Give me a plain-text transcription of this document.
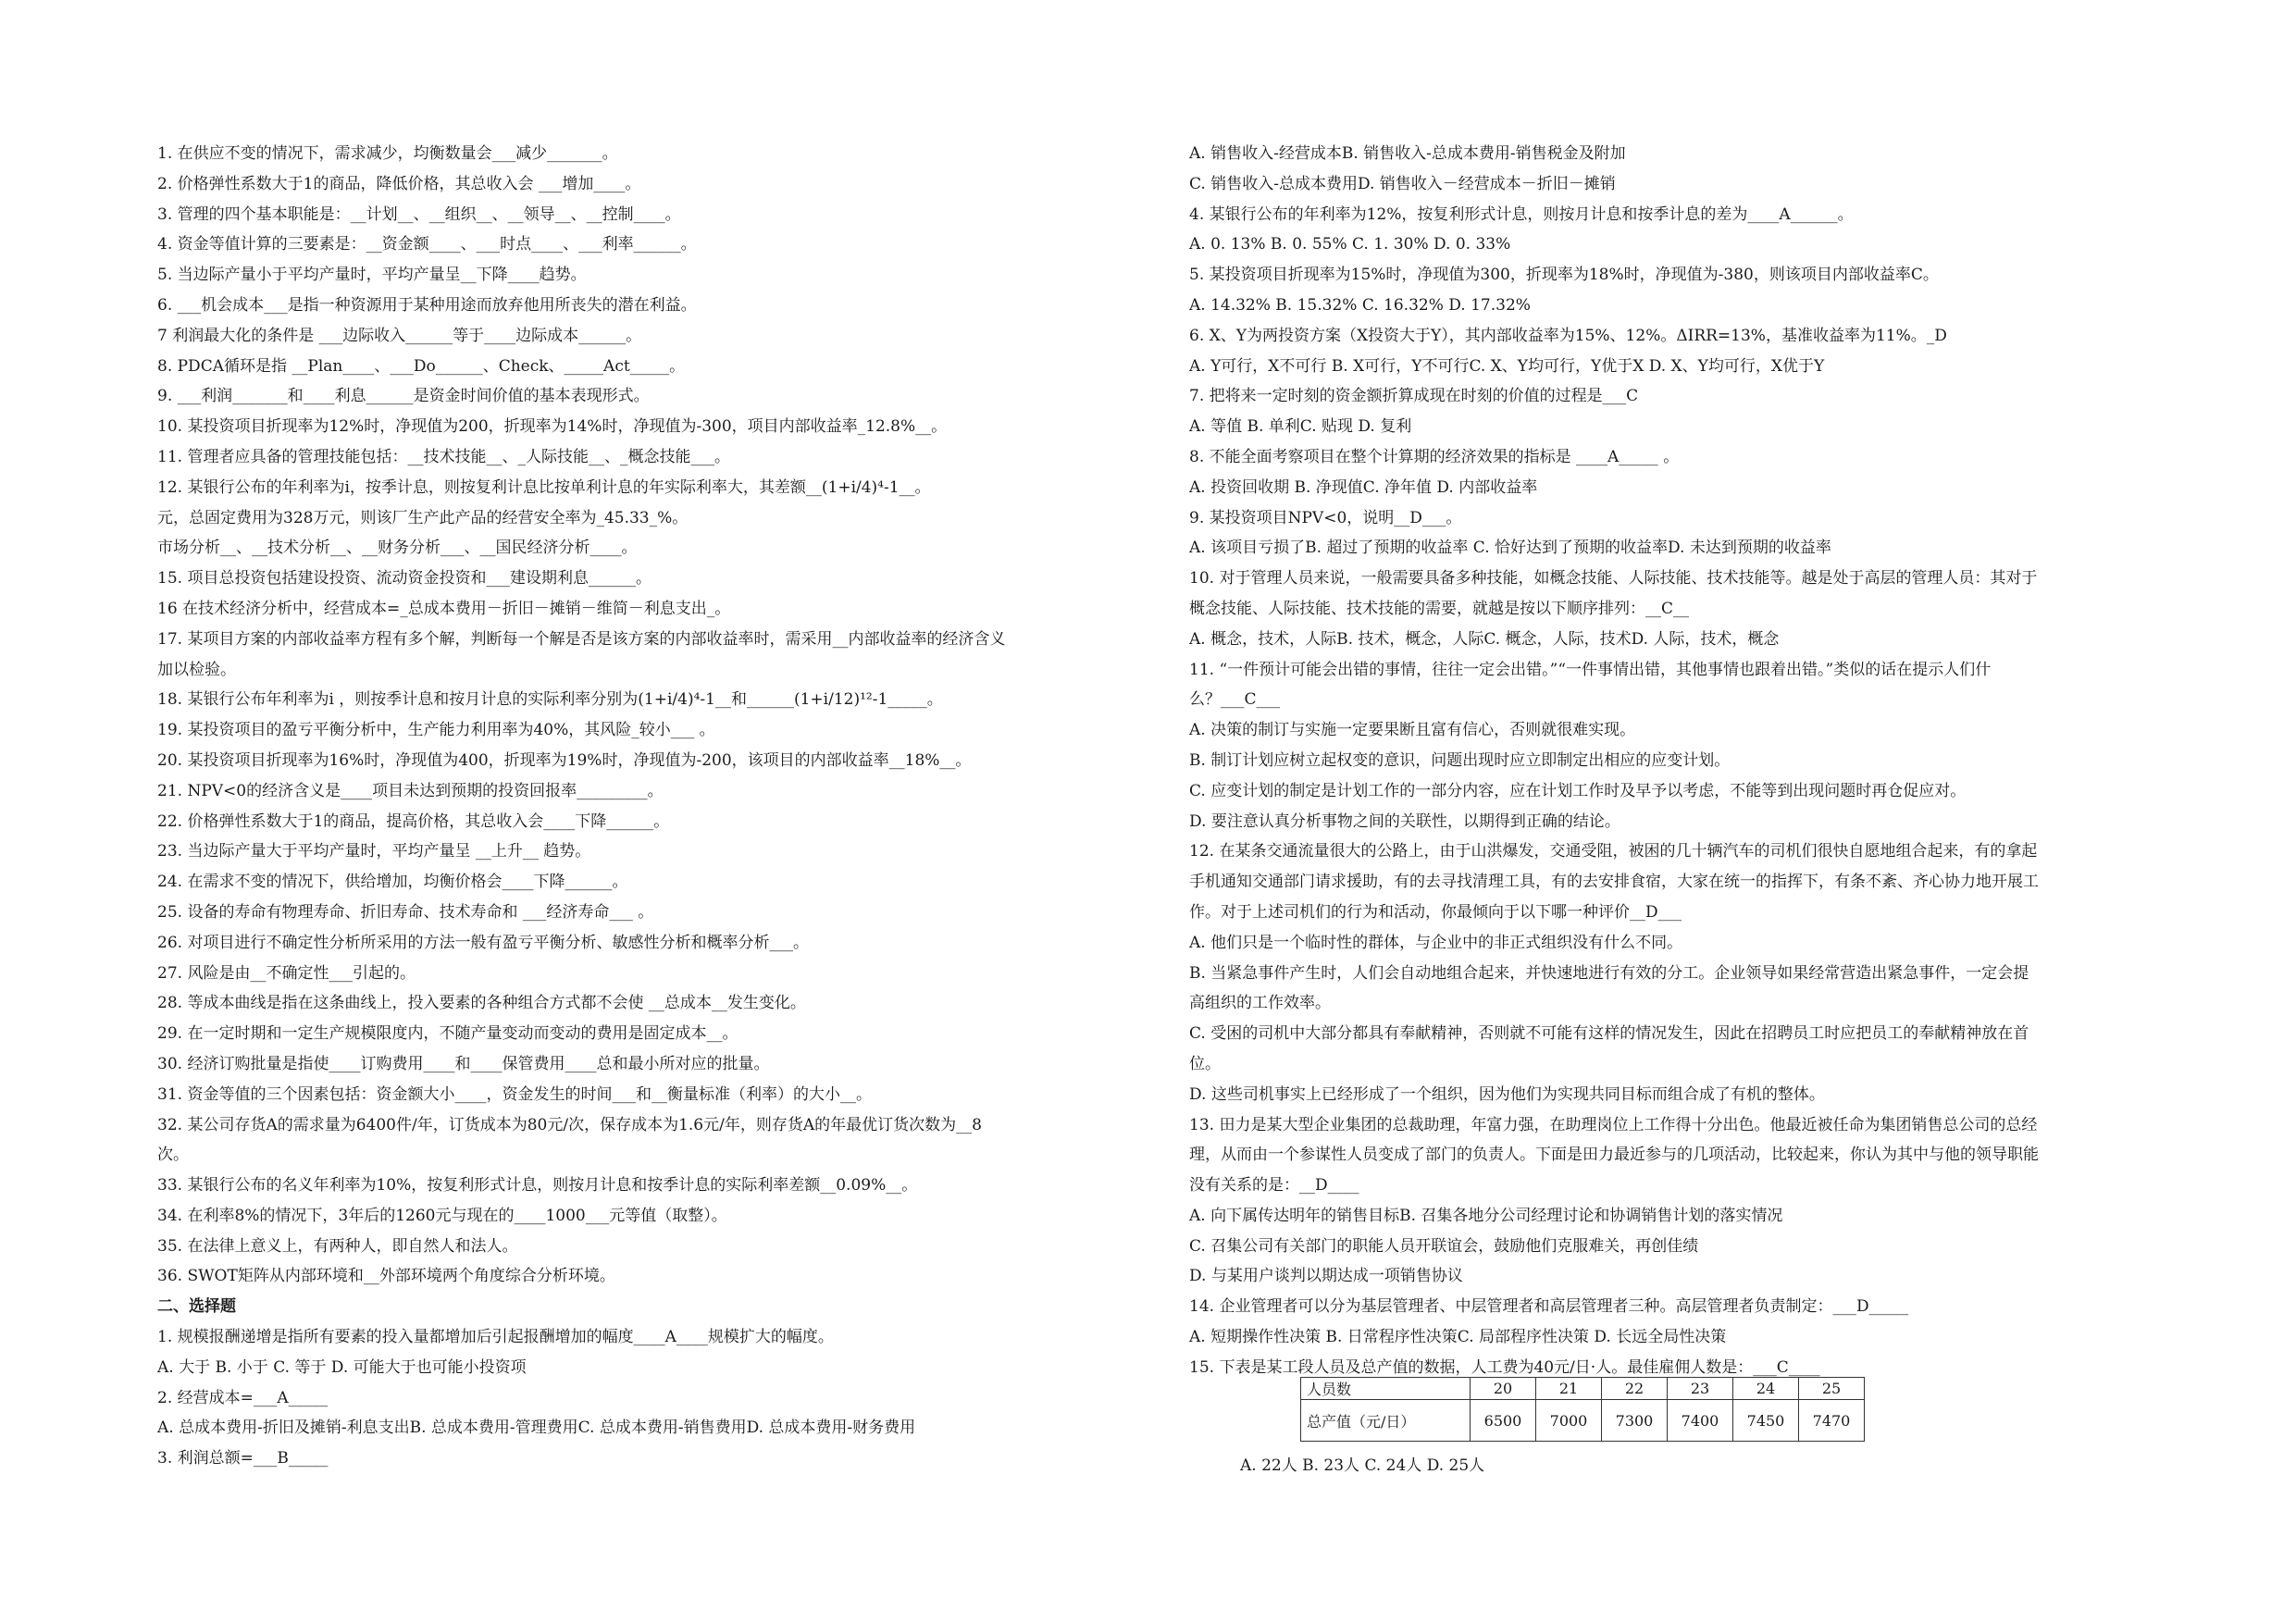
1. 在供应不变的情况下，需求减少，均衡数量会___减少_______。
2. 价格弹性系数大于1的商品，降低价格，其总收入会 ___增加____。
3. 管理的四个基本职能是：__计划__、__组织__、__领导__、__控制____。
4. 资金等值计算的三要素是：__资金额____、___时点____、___利率______。
5. 当边际产量小于平均产量时，平均产量呈__下降____趋势。
6. ___机会成本___是指一种资源用于某种用途而放弃他用所丧失的潜在利益。
7 利润最大化的条件是 ___边际收入______等于____边际成本______。
8. PDCA循环是指 __Plan____、___Do______、Check、_____Act_____。
9. ___利润_______和____利息______是资金时间价值的基本表现形式。
10. 某投资项目折现率为12%时，净现值为200，折现率为14%时，净现值为-300，项目内部收益率_12.8%__。
11. 管理者应具备的管理技能包括：__技术技能__、_人际技能__、_概念技能___。
12. 某银行公布的年利率为i，按季计息，则按复利计息比按单利计息的年实际利率大，其差额__(1+i/4)⁴-1__。
元，总固定费用为328万元，则该厂生产此产品的经营安全率为_45.33_%。
市场分析__、__技术分析__、__财务分析___、__国民经济分析____。
15. 项目总投资包括建设投资、流动资金投资和___建设期利息______。
16 在技术经济分析中，经营成本=_总成本费用－折旧－摊销－维简－利息支出_。
17. 某项目方案的内部收益率方程有多个解，判断每一个解是否是该方案的内部收益率时，需采用__内部收益率的经济含义
加以检验。
18. 某银行公布年利率为i ，则按季计息和按月计息的实际利率分别为(1+i/4)⁴-1__和______(1+i/12)¹²-1_____。
19. 某投资项目的盈亏平衡分析中，生产能力利用率为40%，其风险_较小___ 。
20. 某投资项目折现率为16%时，净现值为400，折现率为19%时，净现值为-200，该项目的内部收益率__18%__。
21. NPV<0的经济含义是____项目未达到预期的投资回报率_________。
22. 价格弹性系数大于1的商品，提高价格，其总收入会____下降______。
23. 当边际产量大于平均产量时，平均产量呈 __上升__ 趋势。
24. 在需求不变的情况下，供给增加，均衡价格会____下降______。
25. 设备的寿命有物理寿命、折旧寿命、技术寿命和 ___经济寿命___ 。
26. 对项目进行不确定性分析所采用的方法一般有盈亏平衡分析、敏感性分析和概率分析___。
27. 风险是由__不确定性___引起的。
28. 等成本曲线是指在这条曲线上，投入要素的各种组合方式都不会使 __总成本__发生变化。
29. 在一定时期和一定生产规模限度内，不随产量变动而变动的费用是固定成本__。
30. 经济订购批量是指使____订购费用____和____保管费用____总和最小所对应的批量。
31. 资金等值的三个因素包括：资金额大小____，资金发生的时间___和__衡量标准（利率）的大小__。
32. 某公司存货A的需求量为6400件/年，订货成本为80元/次，保存成本为1.6元/年，则存货A的年最优订货次数为__8
次。
33. 某银行公布的名义年利率为10%，按复利形式计息，则按月计息和按季计息的实际利率差额__0.09%__。
34. 在利率8%的情况下，3年后的1260元与现在的____1000___元等值（取整）。
35. 在法律上意义上，有两种人，即自然人和法人。
36. SWOT矩阵从内部环境和__外部环境两个角度综合分析环境。
二、选择题
1. 规模报酬递增是指所有要素的投入量都增加后引起报酬增加的幅度____A____规模扩大的幅度。
A. 大于 B. 小于 C. 等于 D. 可能大于也可能小投资项
2. 经营成本=___A_____
A. 总成本费用-折旧及摊销-利息支出B. 总成本费用-管理费用C. 总成本费用-销售费用D. 总成本费用-财务费用
3. 利润总额=___B_____
A. 销售收入-经营成本B. 销售收入-总成本费用-销售税金及附加
C. 销售收入-总成本费用D. 销售收入－经营成本－折旧－摊销
4. 某银行公布的年利率为12%，按复利形式计息，则按月计息和按季计息的差为____A______。
A. 0. 13% B. 0. 55% C. 1. 30% D. 0. 33%
5. 某投资项目折现率为15%时，净现值为300，折现率为18%时，净现值为-380，则该项目内部收益率C。
A. 14.32% B. 15.32% C. 16.32% D. 17.32%
6. X、Y为两投资方案（X投资大于Y），其内部收益率为15%、12%。ΔIRR=13%，基准收益率为11%。_D
A. Y可行，X不可行 B. X可行，Y不可行C. X、Y均可行，Y优于X D. X、Y均可行，X优于Y
7. 把将来一定时刻的资金额折算成现在时刻的价值的过程是___C
A. 等值 B. 单利C. 贴现 D. 复利
8. 不能全面考察项目在整个计算期的经济效果的指标是 ____A_____ 。
A. 投资回收期 B. 净现值C. 净年值 D. 内部收益率
9. 某投资项目NPV<0，说明__D___。
A. 该项目亏损了B. 超过了预期的收益率 C. 恰好达到了预期的收益率D. 未达到预期的收益率
10. 对于管理人员来说，一般需要具备多种技能，如概念技能、人际技能、技术技能等。越是处于高层的管理人员：其对于
概念技能、人际技能、技术技能的需要，就越是按以下顺序排列：__C__
A. 概念，技术，人际B. 技术，概念，人际C. 概念，人际，技术D. 人际，技术，概念
11. “一件预计可能会出错的事情，往往一定会出错。”“一件事情出错，其他事情也跟着出错。”类似的话在提示人们什
么？___C___
A. 决策的制订与实施一定要果断且富有信心，否则就很难实现。
B. 制订计划应树立起权变的意识，问题出现时应立即制定出相应的应变计划。
C. 应变计划的制定是计划工作的一部分内容，应在计划工作时及早予以考虑，不能等到出现问题时再仓促应对。
D. 要注意认真分析事物之间的关联性，以期得到正确的结论。
12. 在某条交通流量很大的公路上，由于山洪爆发，交通受阻，被困的几十辆汽车的司机们很快自愿地组合起来，有的拿起
手机通知交通部门请求援助，有的去寻找清理工具，有的去安排食宿，大家在统一的指挥下，有条不紊、齐心协力地开展工
作。对于上述司机们的行为和活动，你最倾向于以下哪一种评价__D___
A. 他们只是一个临时性的群体，与企业中的非正式组织没有什么不同。
B. 当紧急事件产生时，人们会自动地组合起来，并快速地进行有效的分工。企业领导如果经常营造出紧急事件，一定会提
高组织的工作效率。
C. 受困的司机中大部分都具有奉献精神，否则就不可能有这样的情况发生，因此在招聘员工时应把员工的奉献精神放在首
位。
D. 这些司机事实上已经形成了一个组织，因为他们为实现共同目标而组合成了有机的整体。
13. 田力是某大型企业集团的总裁助理，年富力强，在助理岗位上工作得十分出色。他最近被任命为集团销售总公司的总经
理，从而由一个参谋性人员变成了部门的负责人。下面是田力最近参与的几项活动，比较起来，你认为其中与他的领导职能
没有关系的是：__D____
A. 向下属传达明年的销售目标B. 召集各地分公司经理讨论和协调销售计划的落实情况
C. 召集公司有关部门的职能人员开联谊会，鼓励他们克服难关，再创佳绩
D. 与某用户谈判以期达成一项销售协议
14. 企业管理者可以分为基层管理者、中层管理者和高层管理者三种。高层管理者负责制定：___D_____
A. 短期操作性决策 B. 日常程序性决策C. 局部程序性决策 D. 长远全局性决策
15. 下表是某工段人员及总产值的数据，人工费为40元/日·人。最佳雇佣人数是：___C____
人员数	20	21	22	23	24	25
总产值（元/日）	6500	7000	7300	7400	7450	7470
A. 22人 B. 23人 C. 24人 D. 25人
